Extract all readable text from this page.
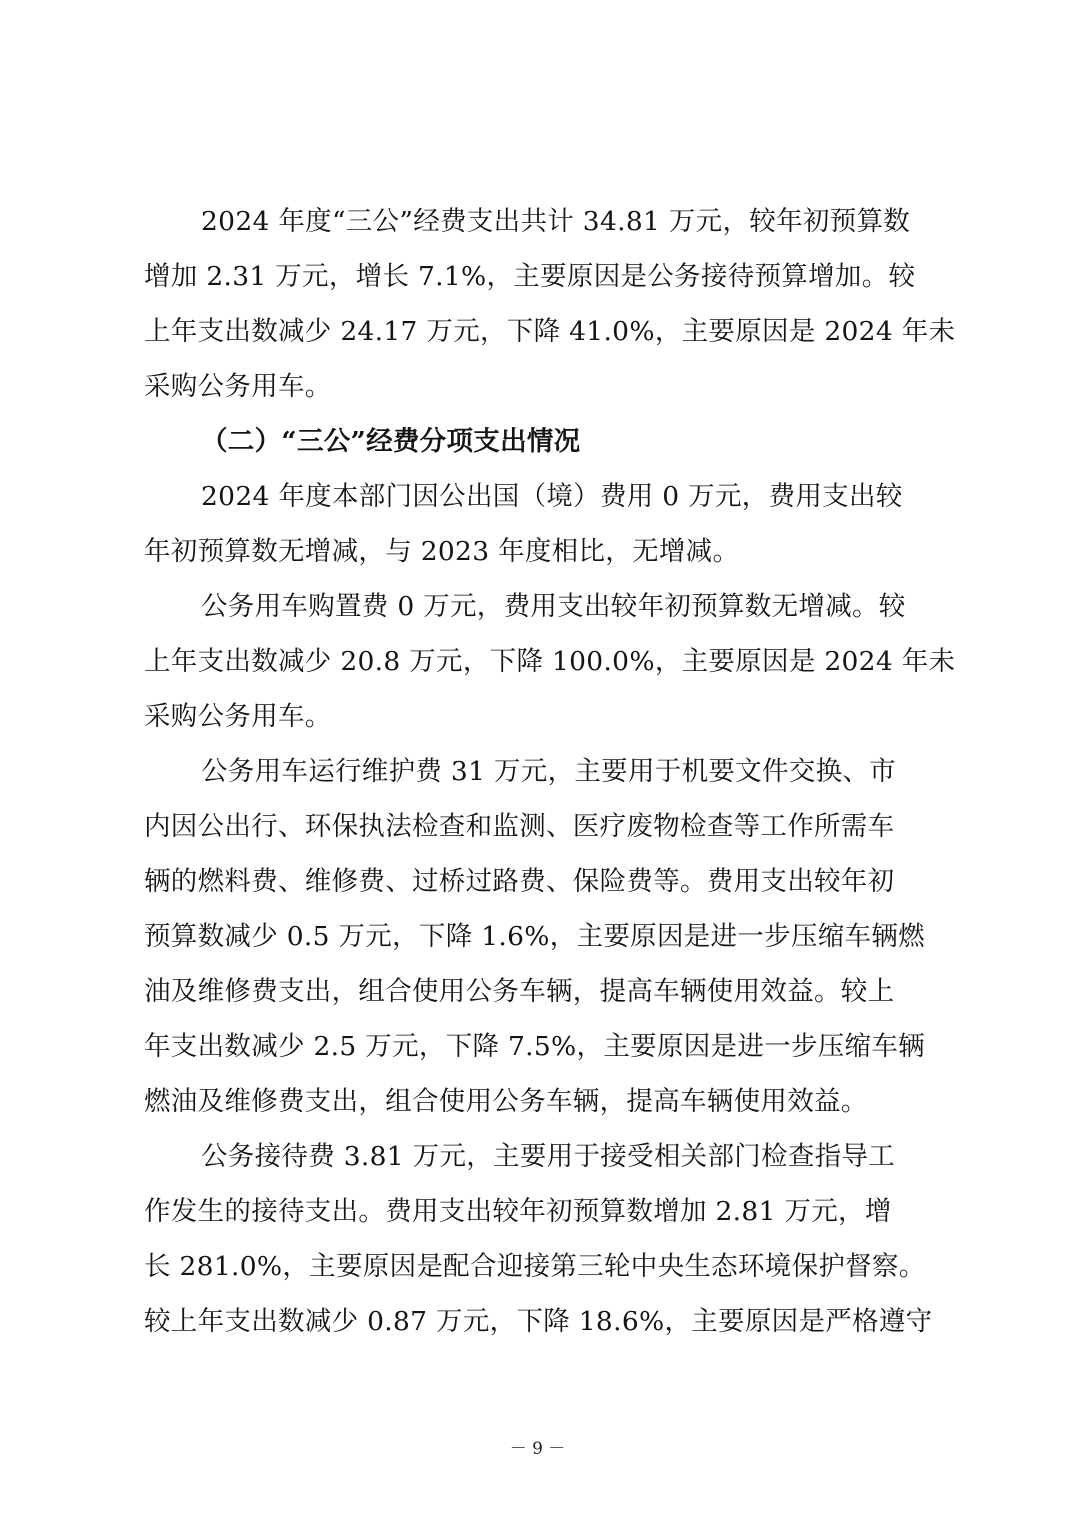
2024 年度“三公”经费支出共计 34.81 万元，较年初预算数
增加 2.31 万元，增长 7.1%，主要原因是公务接待预算增加。较
上年支出数减少 24.17 万元，下降 41.0%，主要原因是 2024 年未
采购公务用车。
（二）“三公”经费分项支出情况
2024 年度本部门因公出国（境）费用 0 万元，费用支出较
年初预算数无增减，与 2023 年度相比，无增减。
公务用车购置费 0 万元，费用支出较年初预算数无增减。较
上年支出数减少 20.8 万元，下降 100.0%，主要原因是 2024 年未
采购公务用车。
公务用车运行维护费 31 万元，主要用于机要文件交换、市
内因公出行、环保执法检查和监测、医疗废物检查等工作所需车
辆的燃料费、维修费、过桥过路费、保险费等。费用支出较年初
预算数减少 0.5 万元，下降 1.6%，主要原因是进一步压缩车辆燃
油及维修费支出，组合使用公务车辆，提高车辆使用效益。较上
年支出数减少 2.5 万元，下降 7.5%，主要原因是进一步压缩车辆
燃油及维修费支出，组合使用公务车辆，提高车辆使用效益。
公务接待费 3.81 万元，主要用于接受相关部门检查指导工
作发生的接待支出。费用支出较年初预算数增加 2.81 万元，增
长 281.0%，主要原因是配合迎接第三轮中央生态环境保护督察。
较上年支出数减少 0.87 万元，下降 18.6%，主要原因是严格遵守
－ 9 －
